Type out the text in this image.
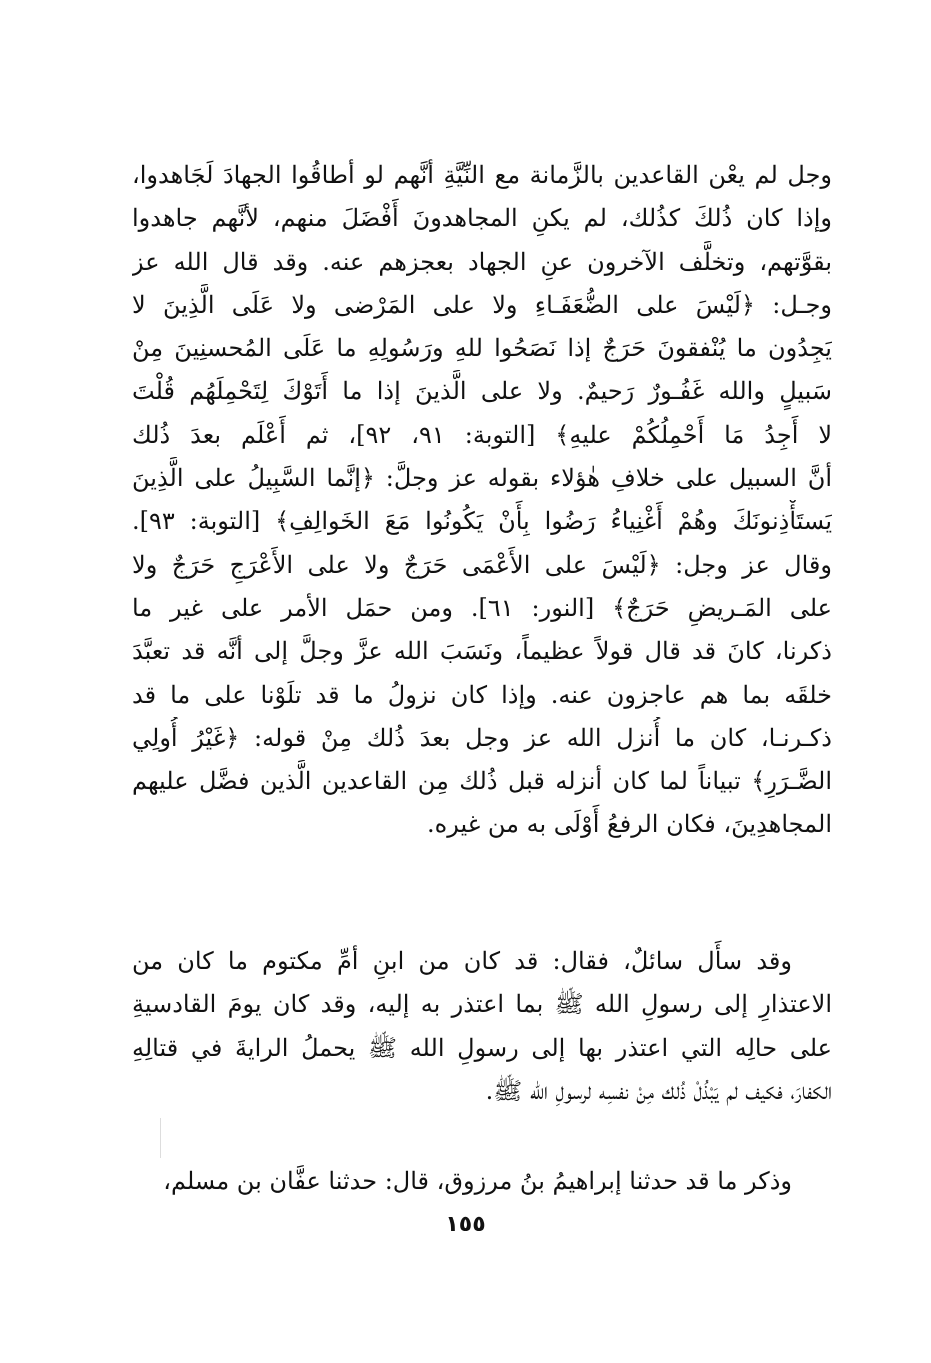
وجل لم يعْن القاعدين بالزَّمانة مع النِّيَّةِ أنَّهم لو أطاقُوا الجهادَ لَجَاهدوا،
وإذا كان ذُلكَ كذُلك، لم يكنِ المجاهدونَ أَفْضَلَ منهم، لأنَّهم جاهدوا
بقوَّتهم، وتخلَّف الآخرون عنِ الجهاد بعجزهم عنه. وقد قال الله عز
وجـل: ﴿لَيْسَ على الضُّعَفَـاءِ ولا على المَرْضى ولا عَلَى الَّذِينَ لا
يَجِدُون ما يُنْفقونَ حَرَجٌ إذا نَصَحُوا للهِ ورَسُولِهِ ما عَلَى المُحسنِينَ مِنْ
سَبيلٍ والله غَفُـورٌ رَحيمٌ. ولا على الَّذينَ إذا ما أَتَوْكَ لِتَحْمِلَهُم قُلْتَ
لا أَجِدُ مَا أَحْمِلُكُمْ عليهِ﴾ [التوبة: ٩١، ٩٢]، ثم أَعْلَم بعدَ ذُلك
أنَّ السبيل على خلافِ هٰؤلاء بقوله عز وجلَّ: ﴿إنَّما السَّبِيلُ على الَّذِينَ
يَستَأْذِنونَكَ وهُمْ أَغْنِياءُ رَضُوا بِأَنْ يَكُونُوا مَعَ الخَوالِفِ﴾ [التوبة: ٩٣].
وقال عز وجل: ﴿لَيْسَ على الأَعْمَى حَرَجٌ ولا على الأَعْرَجِ حَرَجٌ ولا
على المَـريضِ حَرَجٌ﴾ [النور: ٦١]. ومن حمَل الأمر على غير ما
ذكرنا، كانَ قد قال قولاً عظيماً، ونَسَبَ الله عزَّ وجلَّ إلى أنَّه قد تعبَّدَ
خلقَه بما هم عاجزون عنه. وإذا كان نزولُ ما قد تلَوْنا على ما قد
ذكـرنـا، كان ما أُنزل الله عز وجل بعدَ ذُلك مِنْ قوله: ﴿غَيْرُ أُولِي
الضَّـرَرِ﴾ تبياناً لما كان أنزله قبل ذُلك مِن القاعدين الَّذين فضَّل عليهم
المجاهدِينَ، فكان الرفعُ أَوْلَى به من غيره.
وقد سأَل سائلٌ، فقال: قد كان من ابنِ أمِّ مكتوم ما كان من
الاعتذارِ إلى رسولِ الله ﷺ بما اعتذر به إليه، وقد كان يومَ القادسيةِ
على حالِه التي اعتذر بها إلى رسولِ الله ﷺ يحملُ الرايةَ في قتالِهِ
الكفارَ، فكيف لم يَبْذُلْ ذُلك مِنْ نفسِه لرسولِ الله ﷺ.
وذكر ما قد حدثنا إبراهيمُ بنُ مرزوق، قال: حدثنا عفَّان بن مسلم،
١٥٥
